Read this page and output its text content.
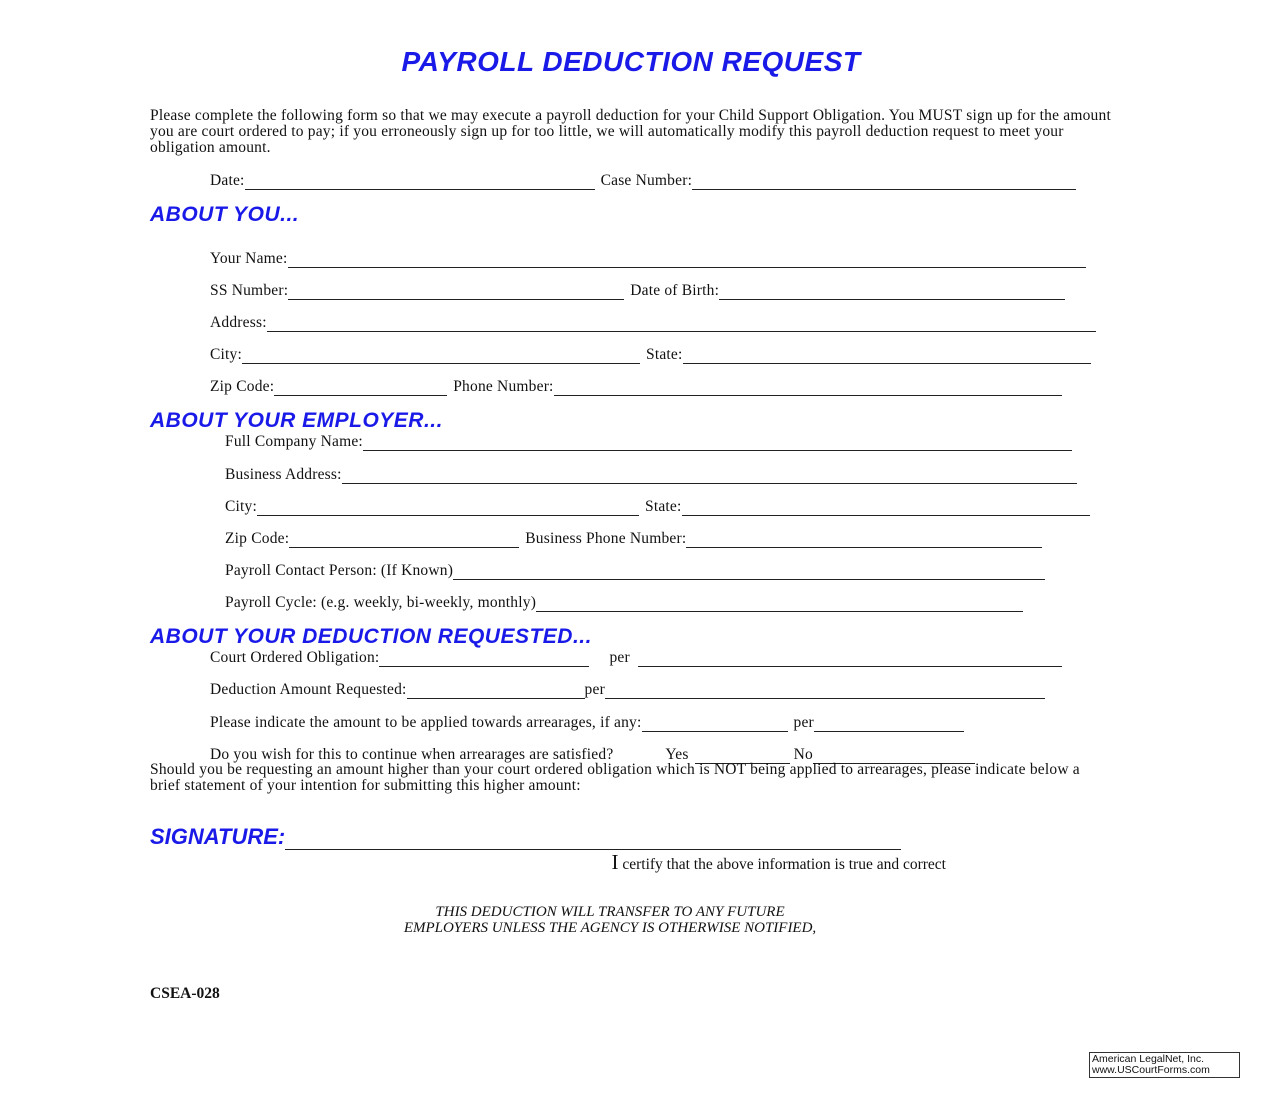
PAYROLL DEDUCTION REQUEST
Please complete the following form so that we may execute a payroll deduction for your Child Support Obligation. You MUST sign up for the amount you are court ordered to pay; if you erroneously sign up for too little, we will automatically modify this payroll deduction request to meet your obligation amount.
Date:	Case Number:
ABOUT YOU...
Your Name:
SS Number:	Date of Birth:
Address:
City:	State:
Zip Code:	Phone Number:
ABOUT YOUR EMPLOYER...
Full Company Name:
Business Address:
City:	State:
Zip Code:	Business Phone Number:
Payroll Contact Person: (If Known)
Payroll Cycle: (e.g. weekly, bi-weekly, monthly)
ABOUT YOUR DEDUCTION REQUESTED...
Court Ordered Obligation:	per
Deduction Amount Requested:	per
Please indicate the amount to be applied towards arrearages, if any:	per
Do you wish for this to continue when arrearages are satisfied?	Yes	No
Should you be requesting an amount higher than your court ordered obligation which is NOT being applied to arrearages, please indicate below a brief statement of your intention for submitting this higher amount:
SIGNATURE:
I certify that the above information is true and correct
THIS DEDUCTION WILL TRANSFER TO ANY FUTURE
EMPLOYERS UNLESS THE AGENCY IS OTHERWISE NOTIFIED,
CSEA-028
American LegalNet, Inc.
www.USCourtForms.com
